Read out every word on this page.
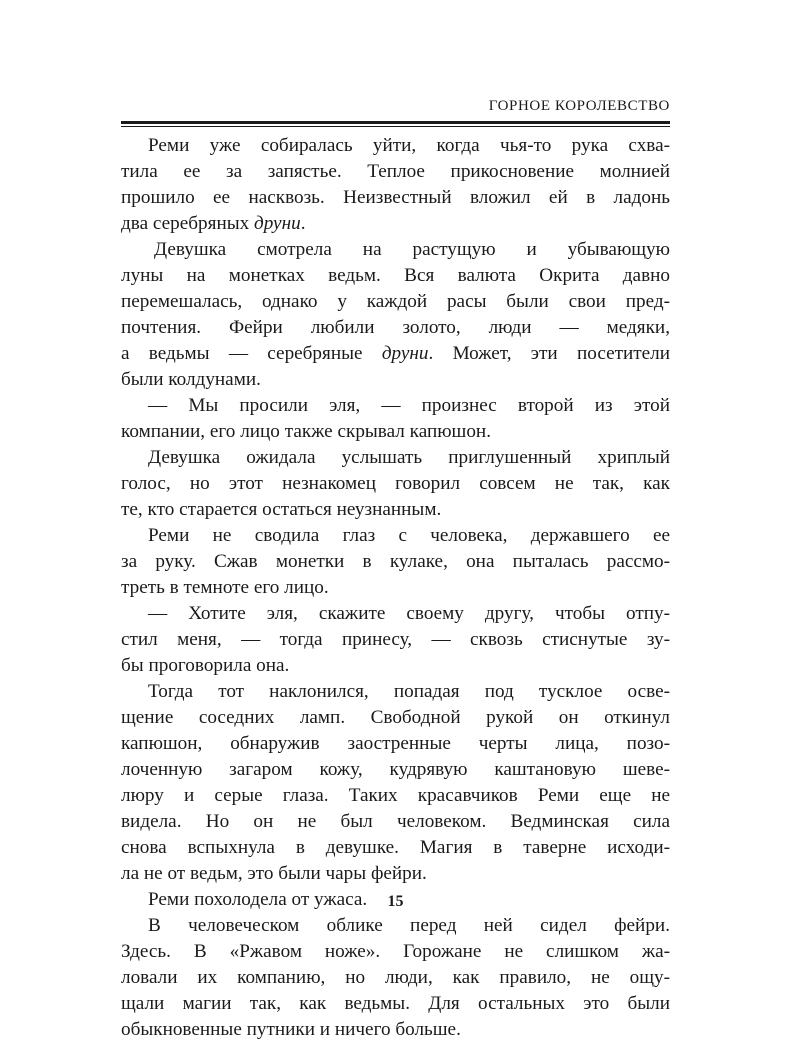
ГОРНОЕ КОРОЛЕВСТВО
Реми уже собиралась уйти, когда чья-то рука схва-
тила ее за запястье. Теплое прикосновение молнией
прошило ее насквозь. Неизвестный вложил ей в ладонь
два серебряных друни.
Девушка смотрела на растущую и убывающую
луны на монетках ведьм. Вся валюта Окрита давно
перемешалась, однако у каждой расы были свои пред-
почтения. Фейри любили золото, люди — медяки,
а ведьмы — серебряные друни. Может, эти посетители
были колдунами.
— Мы просили эля, — произнес второй из этой
компании, его лицо также скрывал капюшон.
Девушка ожидала услышать приглушенный хриплый
голос, но этот незнакомец говорил совсем не так, как
те, кто старается остаться неузнанным.
Реми не сводила глаз с человека, державшего ее
за руку. Сжав монетки в кулаке, она пыталась рассмо-
треть в темноте его лицо.
— Хотите эля, скажите своему другу, чтобы отпу-
стил меня, — тогда принесу, — сквозь стиснутые зу-
бы проговорила она.
Тогда тот наклонился, попадая под тусклое осве-
щение соседних ламп. Свободной рукой он откинул
капюшон, обнаружив заостренные черты лица, позо-
лоченную загаром кожу, кудрявую каштановую шеве-
люру и серые глаза. Таких красавчиков Реми еще не
видела. Но он не был человеком. Ведминская сила
снова вспыхнула в девушке. Магия в таверне исходи-
ла не от ведьм, это были чары фейри.
Реми похолодела от ужаса.
В человеческом облике перед ней сидел фейри.
Здесь. В «Ржавом ноже». Горожане не слишком жа-
ловали их компанию, но люди, как правило, не ощу-
щали магии так, как ведьмы. Для остальных это были
обыкновенные путники и ничего больше.
15
